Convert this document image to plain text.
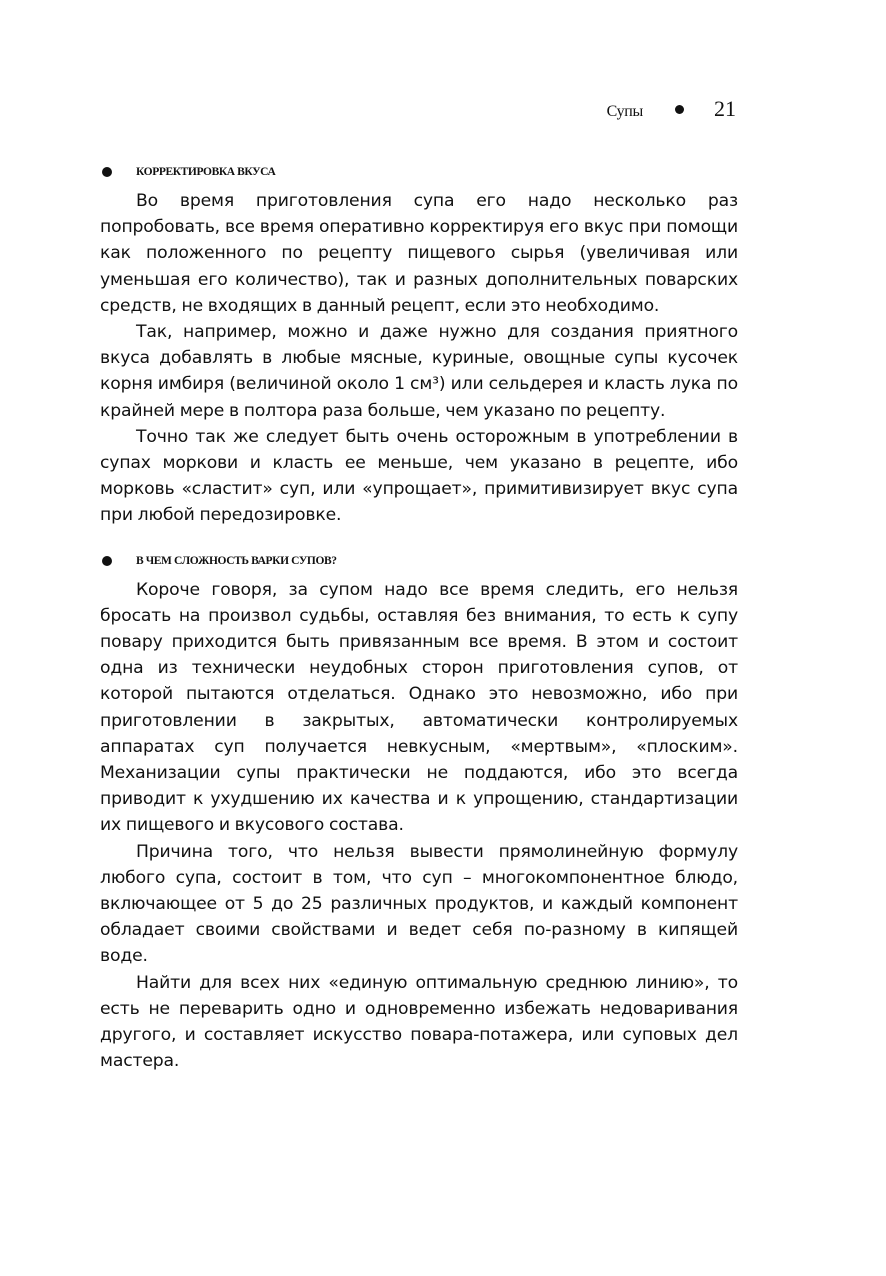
Супы	21
КОРРЕКТИРОВКА ВКУСА

Во время приготовления супа его надо несколько раз попробовать, все время оперативно корректируя его вкус при помощи как положенного по рецепту пищевого сырья (увеличивая или уменьшая его количество), так и разных дополнительных поварских средств, не входящих в данный рецепт, если это необходимо.

Так, например, можно и даже нужно для создания приятного вкуса добавлять в любые мясные, куриные, овощные супы кусочек корня имбиря (величиной около 1 см³) или сельдерея и класть лука по крайней мере в полтора раза больше, чем указано по рецепту.

Точно так же следует быть очень осторожным в употреблении в супах моркови и класть ее меньше, чем указано в рецепте, ибо морковь «сластит» суп, или «упрощает», примитивизирует вкус супа при любой передозировке.

В ЧЕМ СЛОЖНОСТЬ ВАРКИ СУПОВ?

Короче говоря, за супом надо все время следить, его нельзя бросать на произвол судьбы, оставляя без внимания, то есть к супу повару приходится быть привязанным все время. В этом и состоит одна из технически неудобных сторон приготовления супов, от которой пытаются отделаться. Однако это невозможно, ибо при приготовлении в закрытых, автоматически контролируемых аппаратах суп получается невкусным, «мертвым», «плоским». Механизации супы практически не поддаются, ибо это всегда приводит к ухудшению их качества и к упрощению, стандартизации их пищевого и вкусового состава.

Причина того, что нельзя вывести прямолинейную формулу любого супа, состоит в том, что суп – многокомпонентное блюдо, включающее от 5 до 25 различных продуктов, и каждый компонент обладает своими свойствами и ведет себя по-разному в кипящей воде.

Найти для всех них «единую оптимальную среднюю линию», то есть не переварить одно и одновременно избежать недоваривания другого, и составляет искусство повара-потажера, или суповых дел мастера.
